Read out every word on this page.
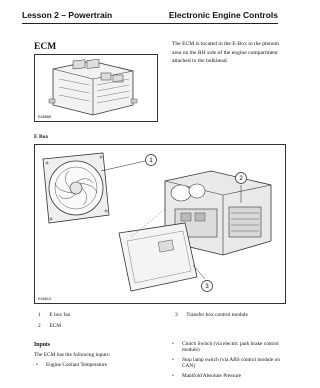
Lesson 2 – Powertrain	Electronic Engine Controls
ECM	The ECM is located in the E-Box in the plenum area on the RH side of the engine compartment attached to the bulkhead.
E46889
E Box
1
2
3
E46813
1 E box fan
2 ECM
3 Transfer box control module
Inputs
The ECM has the following inputs:
• Engine Coolant Temperature
• Clutch Switch (via electric park brake control module)
• Stop lamp switch (via ABS control module on CAN)
• Manifold Absolute Pressure
